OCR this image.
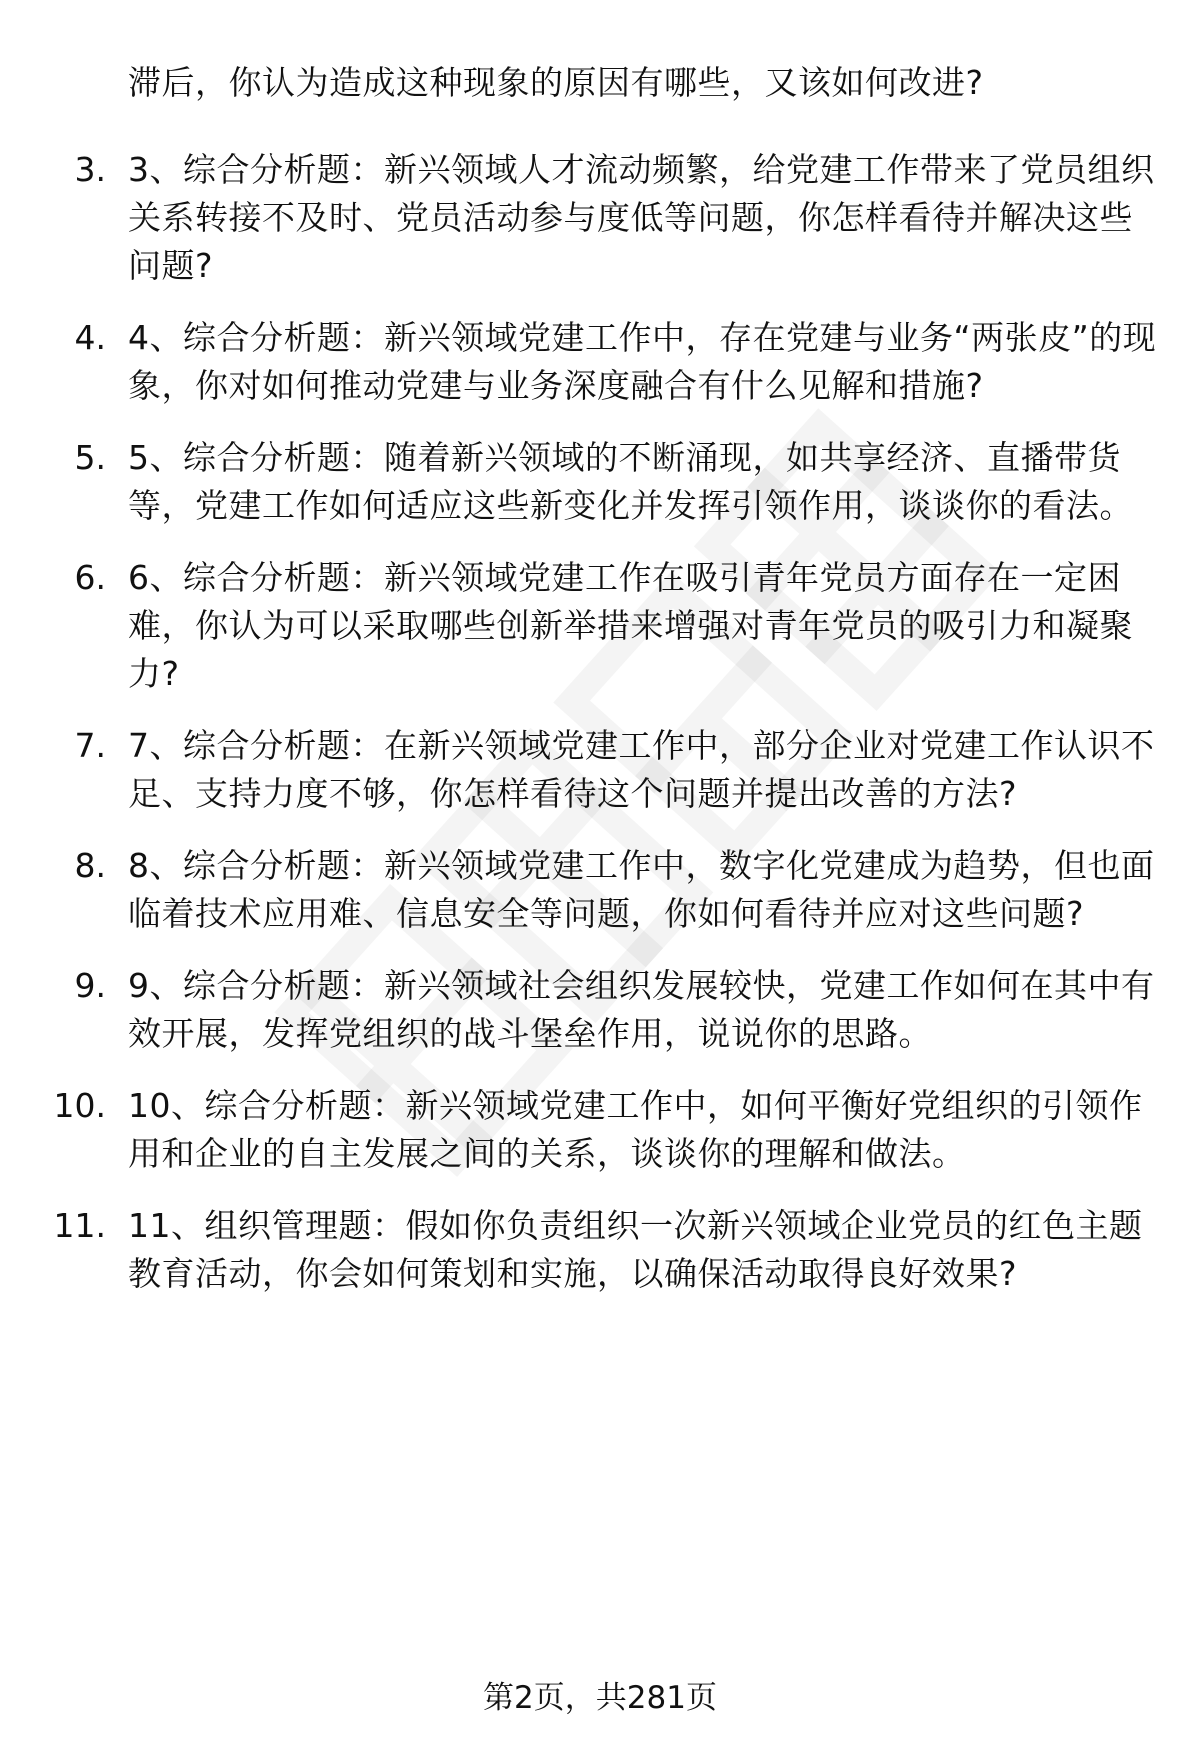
滞后，你认为造成这种现象的原因有哪些，又该如何改进?
3. 3、综合分析题：新兴领域人才流动频繁，给党建工作带来了党员组织关系转接不及时、党员活动参与度低等问题，你怎样看待并解决这些问题?
4. 4、综合分析题：新兴领域党建工作中，存在党建与业务“两张皮”的现象，你对如何推动党建与业务深度融合有什么见解和措施?
5. 5、综合分析题：随着新兴领域的不断涌现，如共享经济、直播带货等，党建工作如何适应这些新变化并发挥引领作用，谈谈你的看法。
6. 6、综合分析题：新兴领域党建工作在吸引青年党员方面存在一定困难，你认为可以采取哪些创新举措来增强对青年党员的吸引力和凝聚力?
7. 7、综合分析题：在新兴领域党建工作中，部分企业对党建工作认识不足、支持力度不够，你怎样看待这个问题并提出改善的方法?
8. 8、综合分析题：新兴领域党建工作中，数字化党建成为趋势，但也面临着技术应用难、信息安全等问题，你如何看待并应对这些问题?
9. 9、综合分析题：新兴领域社会组织发展较快，党建工作如何在其中有效开展，发挥党组织的战斗堡垒作用，说说你的思路。
10. 10、综合分析题：新兴领域党建工作中，如何平衡好党组织的引领作用和企业的自主发展之间的关系，谈谈你的理解和做法。
11. 11、组织管理题：假如你负责组织一次新兴领域企业党员的红色主题教育活动，你会如何策划和实施，以确保活动取得良好效果?
第2页，共281页
